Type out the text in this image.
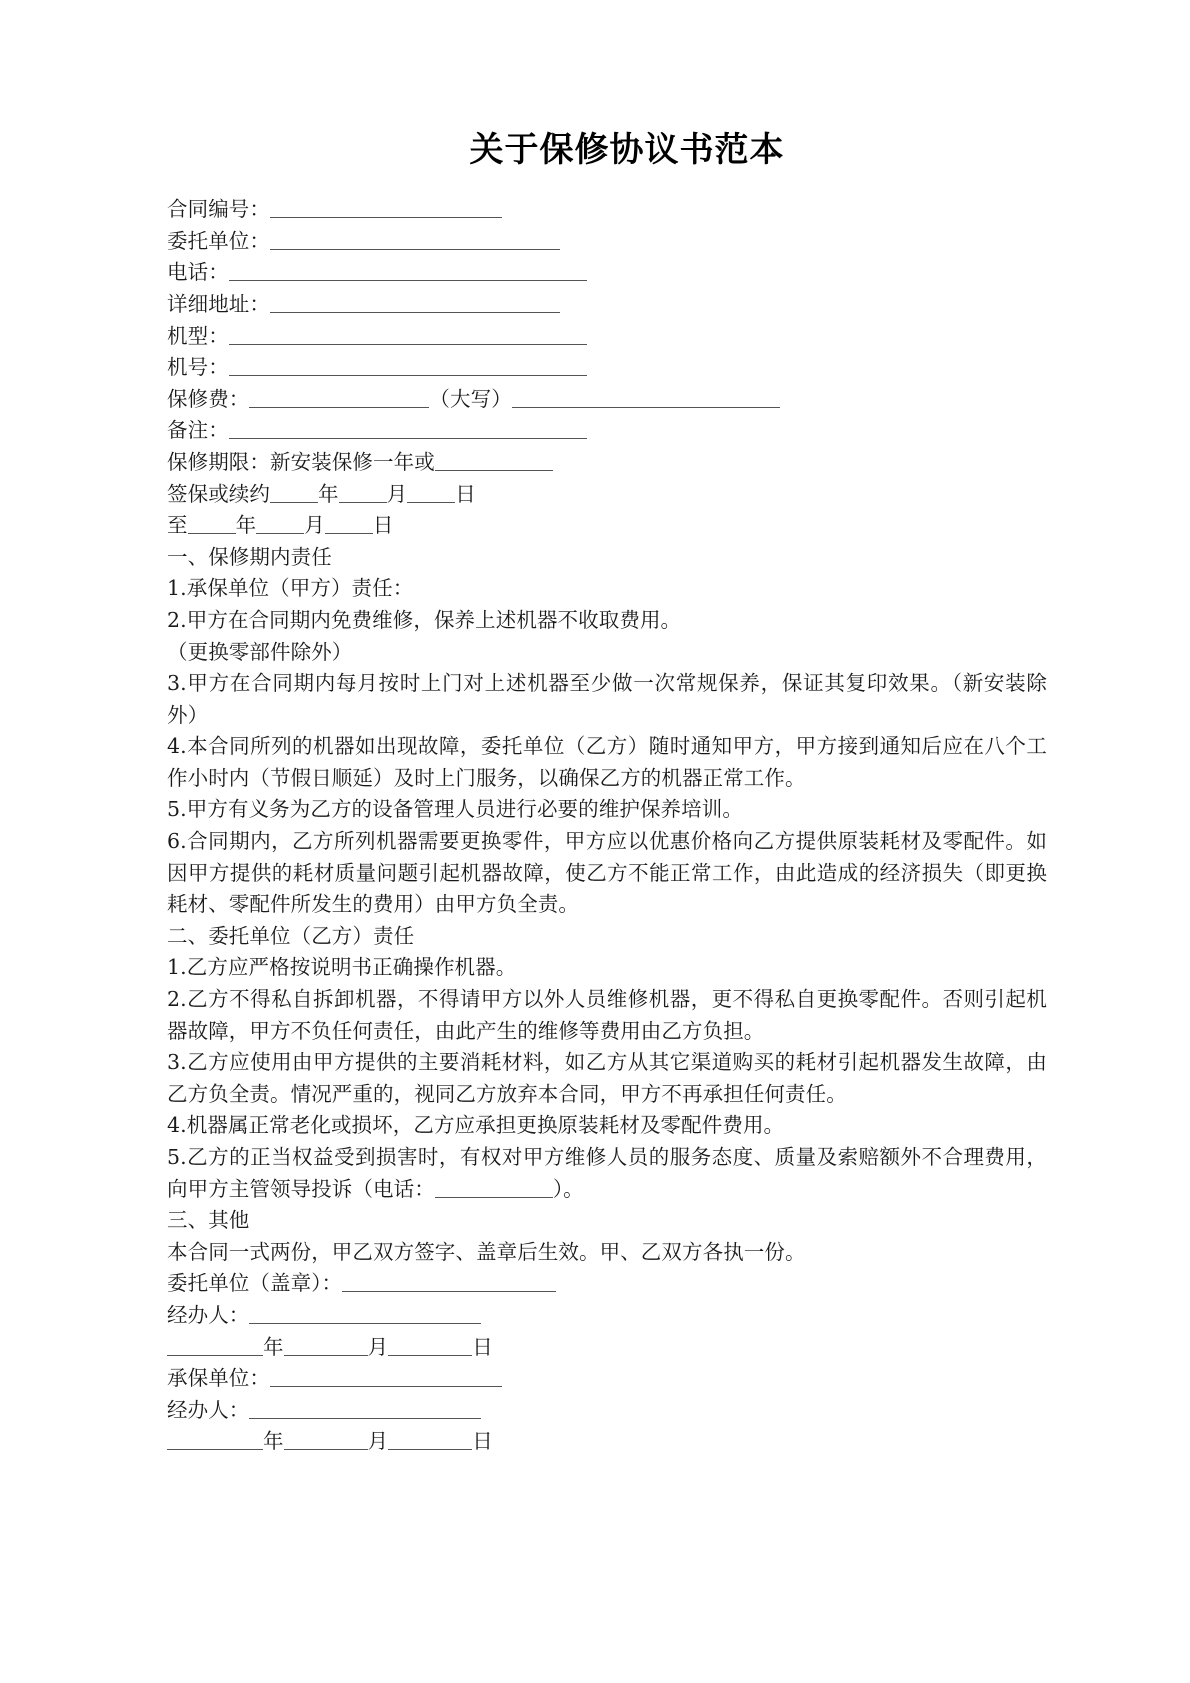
关于保修协议书范本

合同编号：

委托单位：

电话：

详细地址：

机型：

机号：

保修费：	（大写）

备注：

保修期限：新安装保修一年或

签保或续约 年 月 日

至 年 月 日

一、保修期内责任

1.承保单位（甲方）责任：

2.甲方在合同期内免费维修，保养上述机器不收取费用。

（更换零部件除外）

3.甲方在合同期内每月按时上门对上述机器至少做一次常规保养，保证其复印效果。（新安装除外）

4.本合同所列的机器如出现故障，委托单位（乙方）随时通知甲方，甲方接到通知后应在八个工作小时内（节假日顺延）及时上门服务，以确保乙方的机器正常工作。

5.甲方有义务为乙方的设备管理人员进行必要的维护保养培训。

6.合同期内，乙方所列机器需要更换零件，甲方应以优惠价格向乙方提供原装耗材及零配件。如因甲方提供的耗材质量问题引起机器故障，使乙方不能正常工作，由此造成的经济损失（即更换耗材、零配件所发生的费用）由甲方负全责。

二、委托单位（乙方）责任

1.乙方应严格按说明书正确操作机器。

2.乙方不得私自拆卸机器，不得请甲方以外人员维修机器，更不得私自更换零配件。否则引起机器故障，甲方不负任何责任，由此产生的维修等费用由乙方负担。

3.乙方应使用由甲方提供的主要消耗材料，如乙方从其它渠道购买的耗材引起机器发生故障，由乙方负全责。情况严重的，视同乙方放弃本合同，甲方不再承担任何责任。

4.机器属正常老化或损坏，乙方应承担更换原装耗材及零配件费用。

5.乙方的正当权益受到损害时，有权对甲方维修人员的服务态度、质量及索赔额外不合理费用，向甲方主管领导投诉（电话：	）。

三、其他

本合同一式两份，甲乙双方签字、盖章后生效。甲、乙双方各执一份。

委托单位（盖章）：

经办人：

年	月	日

承保单位：

经办人：

年	月	日
